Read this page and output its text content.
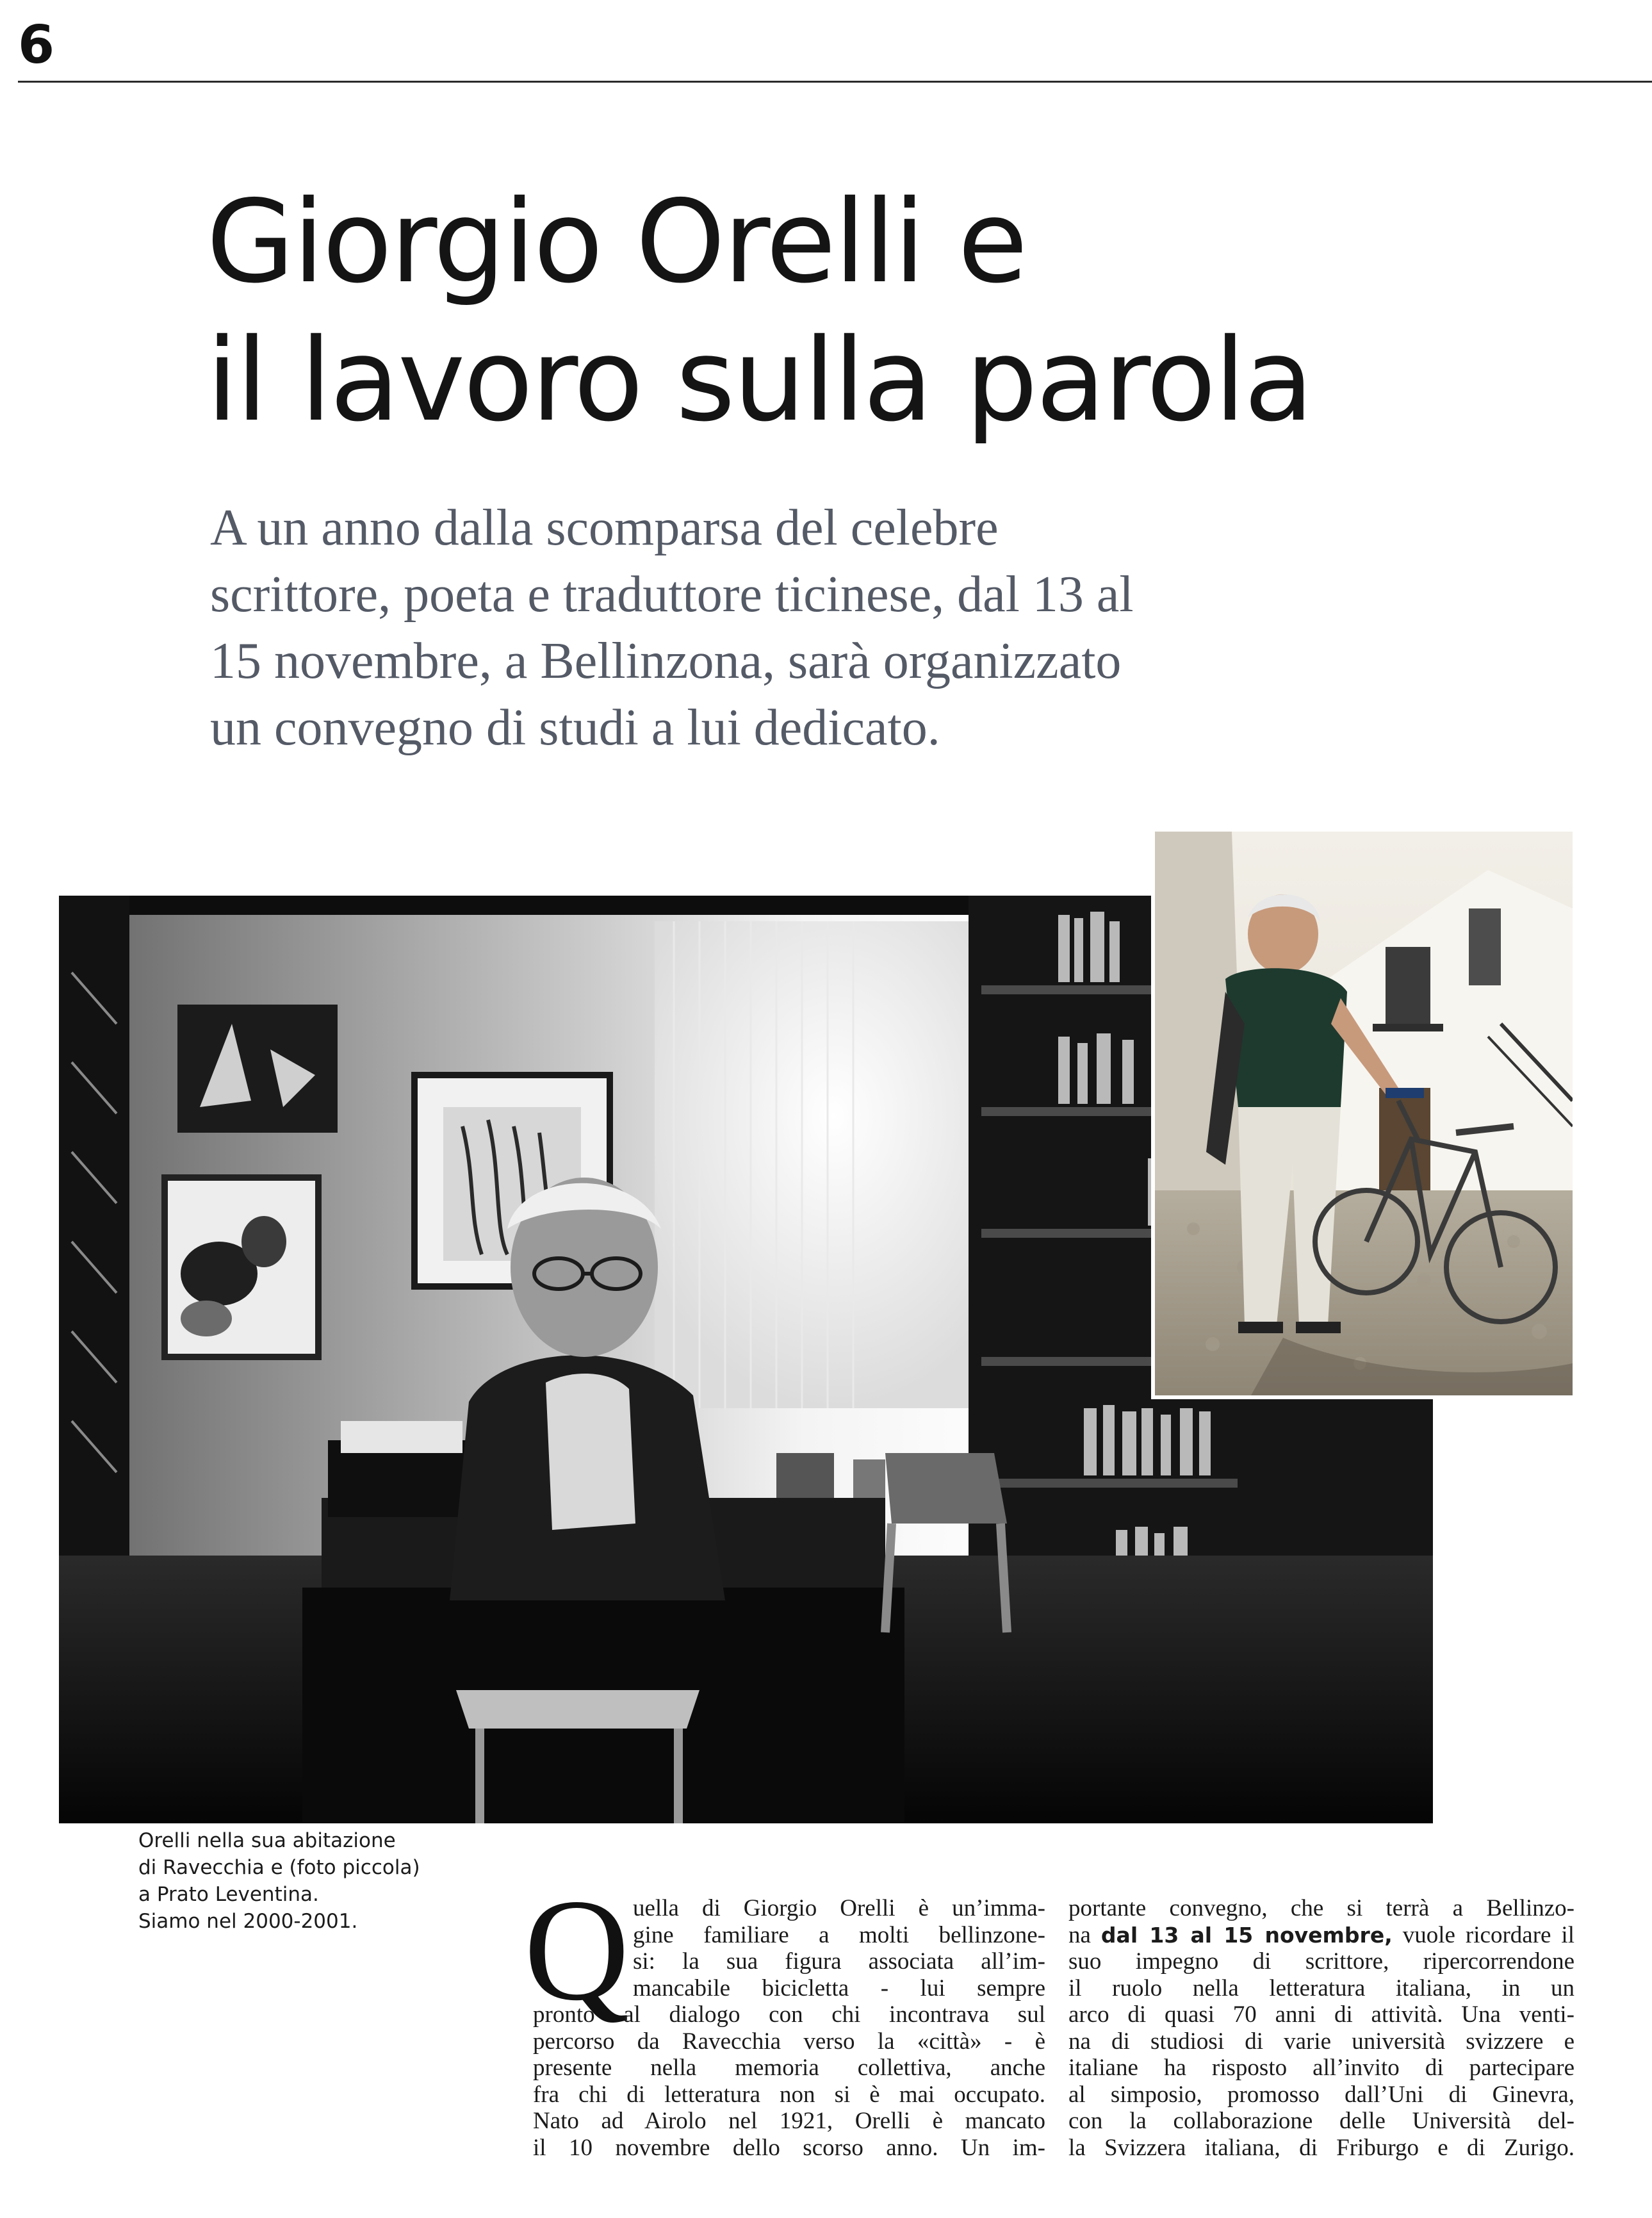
6
Giorgio Orelli e
il lavoro sulla parola

A un anno dalla scomparsa del celebre
scrittore, poeta e traduttore ticinese, dal 13 al
15 novembre, a Bellinzona, sarà organizzato
un convegno di studi a lui dedicato.

Orelli nella sua abitazione
di Ravecchia e (foto piccola)
a Prato Leventina.
Siamo nel 2000-2001.	Q uella di Giorgio Orelli è un’imma-
gine familiare a molti bellinzone-
si: la sua figura associata all’im-
mancabile bicicletta - lui sempre
pronto al dialogo con chi incontrava sul
percorso da Ravecchia verso la «città» - è
presente nella memoria collettiva, anche
fra chi di letteratura non si è mai occupato.
Nato ad Airolo nel 1921, Orelli è mancato
il 10 novembre dello scorso anno. Un im-
portante convegno, che si terrà a Bellinzo-
na dal 13 al 15 novembre, vuole ricordare il
suo impegno di scrittore, ripercorrendone
il ruolo nella letteratura italiana, in un
arco di quasi 70 anni di attività. Una venti-
na di studiosi di varie università svizzere e
italiane ha risposto all’invito di partecipare
al simposio, promosso dall’Uni di Ginevra,
con la collaborazione delle Università del-
la Svizzera italiana, di Friburgo e di Zurigo.
